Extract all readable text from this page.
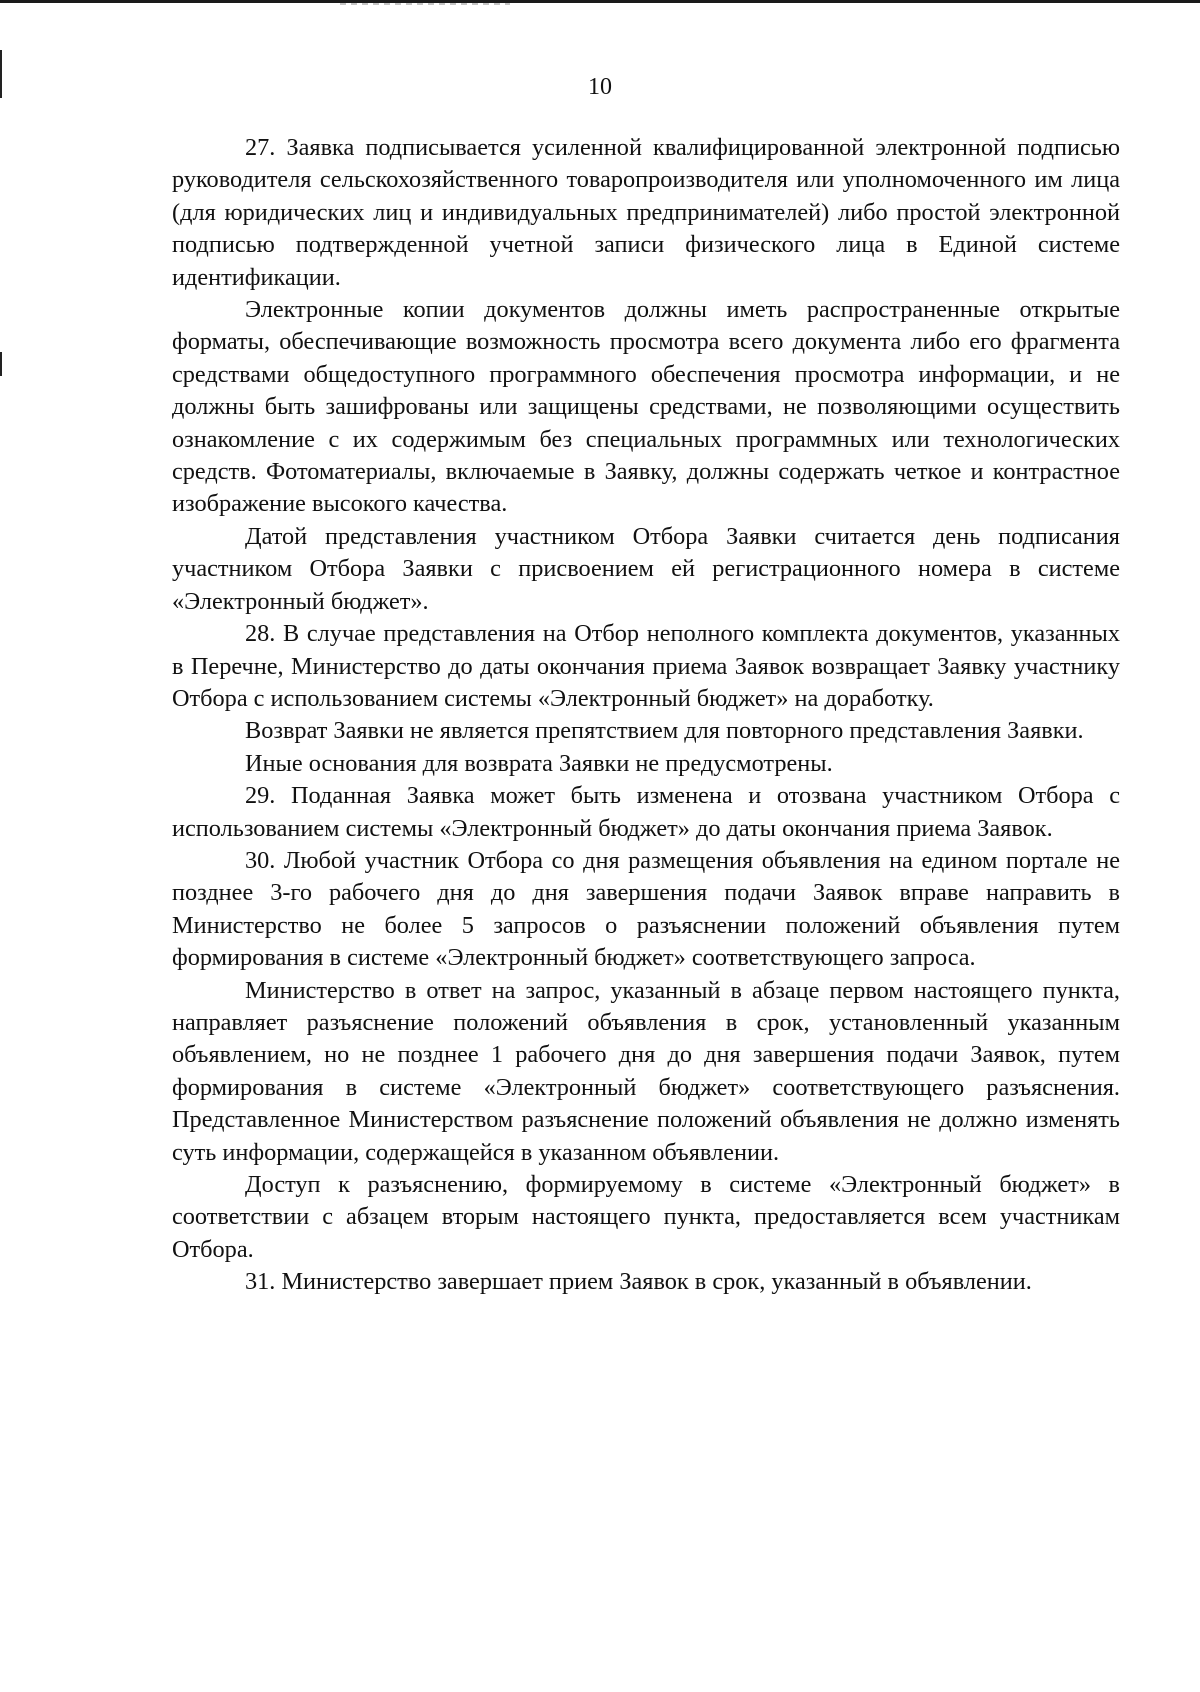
10

27. Заявка подписывается усиленной квалифицированной электронной подписью руководителя сельскохозяйственного товаропроизводителя или уполномоченного им лица (для юридических лиц и индивидуальных предпринимателей) либо простой электронной подписью подтвержденной учетной записи физического лица в Единой системе идентификации.

Электронные копии документов должны иметь распространенные открытые форматы, обеспечивающие возможность просмотра всего документа либо его фрагмента средствами общедоступного программного обеспечения просмотра информации, и не должны быть зашифрованы или защищены средствами, не позволяющими осуществить ознакомление с их содержимым без специальных программных или технологических средств. Фотоматериалы, включаемые в Заявку, должны содержать четкое и контрастное изображение высокого качества.

Датой представления участником Отбора Заявки считается день подписания участником Отбора Заявки с присвоением ей регистрационного номера в системе «Электронный бюджет».

28. В случае представления на Отбор неполного комплекта документов, указанных в Перечне, Министерство до даты окончания приема Заявок возвращает Заявку участнику Отбора с использованием системы «Электронный бюджет» на доработку.

Возврат Заявки не является препятствием для повторного представления Заявки.

Иные основания для возврата Заявки не предусмотрены.

29. Поданная Заявка может быть изменена и отозвана участником Отбора с использованием системы «Электронный бюджет» до даты окончания приема Заявок.

30. Любой участник Отбора со дня размещения объявления на едином портале не позднее 3-го рабочего дня до дня завершения подачи Заявок вправе направить в Министерство не более 5 запросов о разъяснении положений объявления путем формирования в системе «Электронный бюджет» соответствующего запроса.

Министерство в ответ на запрос, указанный в абзаце первом настоящего пункта, направляет разъяснение положений объявления в срок, установленный указанным объявлением, но не позднее 1 рабочего дня до дня завершения подачи Заявок, путем формирования в системе «Электронный бюджет» соответствующего разъяснения. Представленное Министерством разъяснение положений объявления не должно изменять суть информации, содержащейся в указанном объявлении.

Доступ к разъяснению, формируемому в системе «Электронный бюджет» в соответствии с абзацем вторым настоящего пункта, предоставляется всем участникам Отбора.

31. Министерство завершает прием Заявок в срок, указанный в объявлении.
